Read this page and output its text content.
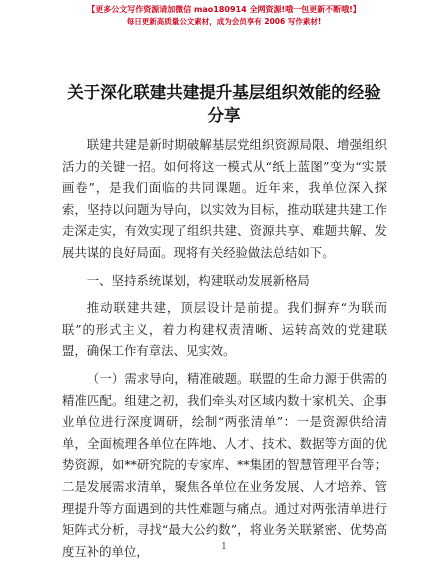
【更多公文写作资源请加微信 mao180914 全网资源!哦一包更新不断哦!】
每日更新高质量公文素材，成为会员享有 2006 写作素材!
关于深化联建共建提升基层组织效能的经验分享

联建共建是新时期破解基层党组织资源局限、增强组织活力的关键一招。如何将这一模式从“纸上蓝图”变为“实景画卷”，是我们面临的共同课题。近年来，我单位深入探索，坚持以问题为导向，以实效为目标，推动联建共建工作走深走实，有效实现了组织共建、资源共享、难题共解、发展共谋的良好局面。现将有关经验做法总结如下。

一、坚持系统谋划，构建联动发展新格局

推动联建共建，顶层设计是前提。我们摒弃“为联而联”的形式主义，着力构建权责清晰、运转高效的党建联盟，确保工作有章法、见实效。

（一）需求导向，精准破题。联盟的生命力源于供需的精准匹配。组建之初，我们牵头对区域内数十家机关、企事业单位进行深度调研，绘制“两张清单”：一是资源供给清单，全面梳理各单位在阵地、人才、技术、数据等方面的优势资源，如**研究院的专家库、**集团的智慧管理平台等；二是发展需求清单，聚焦各单位在业务发展、人才培养、管理提升等方面遇到的共性难题与痛点。通过对两张清单进行矩阵式分析，寻找“最大公约数”，将业务关联紧密、优势高度互补的单位，	1
